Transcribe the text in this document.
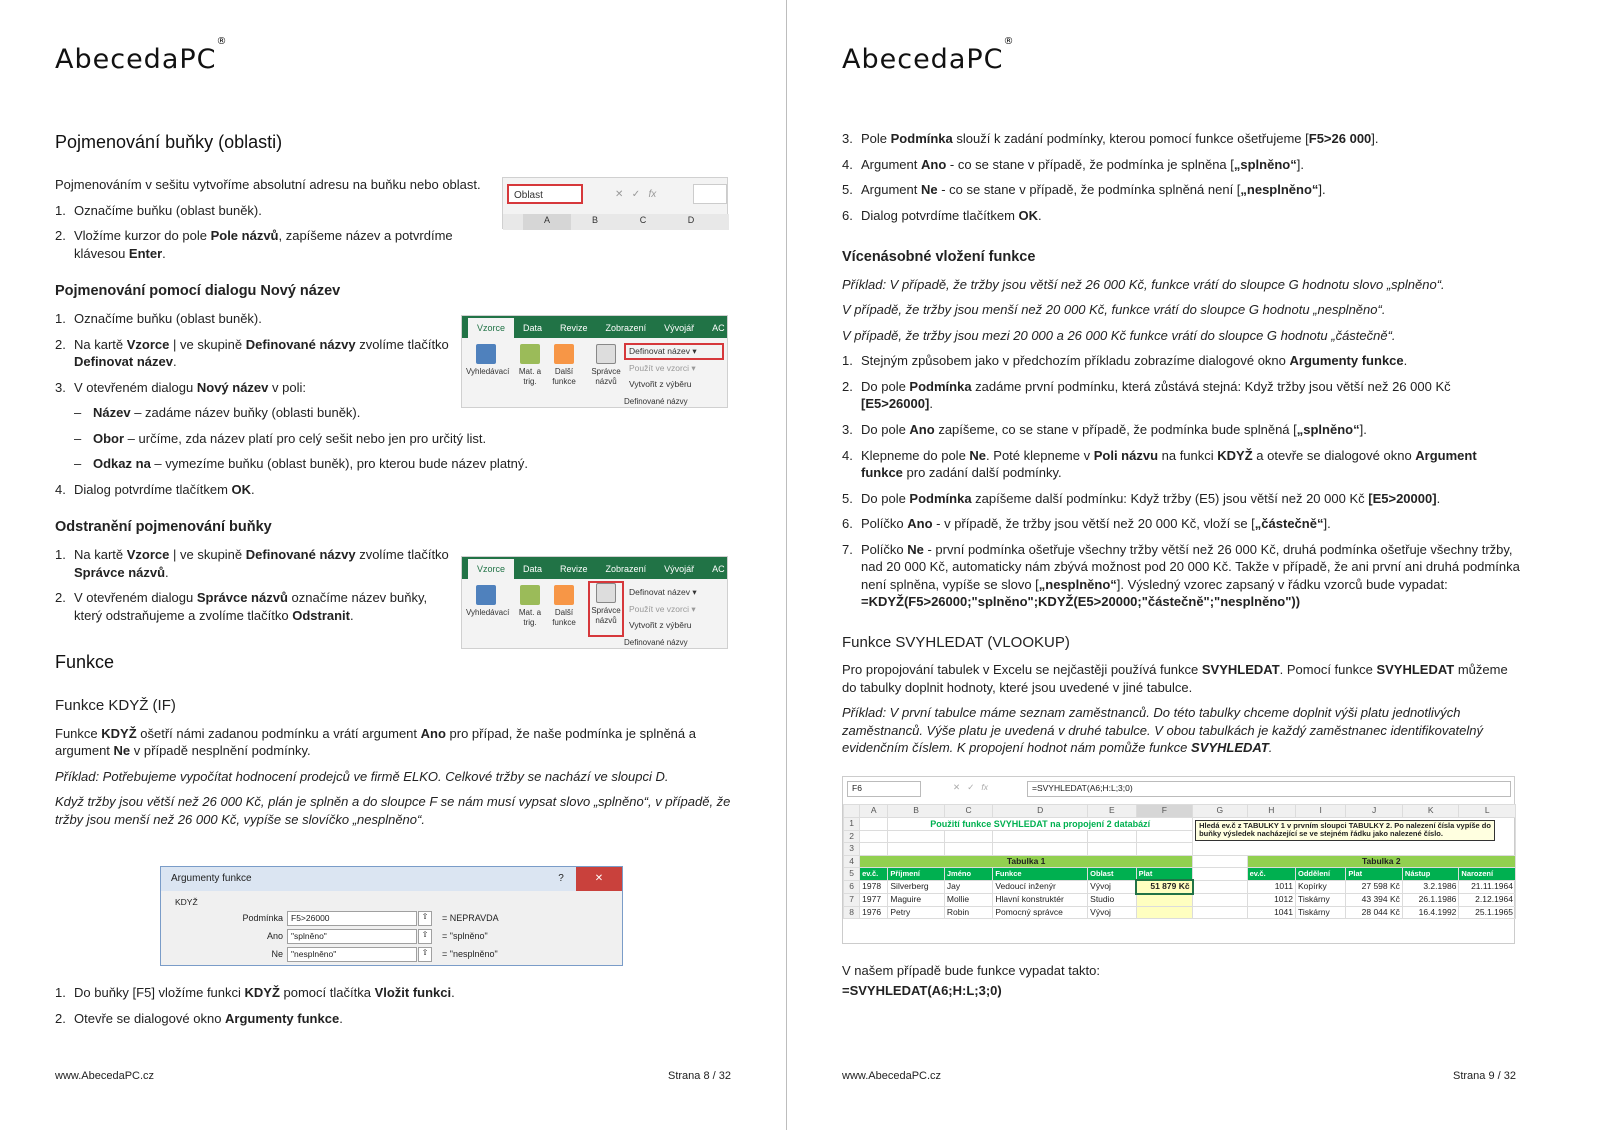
AbecedaPC®
Pojmenování buňky (oblasti)

Pojmenováním v sešitu vytvoříme absolutní adresu na buňku nebo oblast.

1. Označíme buňku (oblast buněk).
2. Vložíme kurzor do pole Pole názvů, zapíšeme název a potvrdíme klávesou Enter.
Pojmenování pomocí dialogu Nový název
1. Označíme buňku (oblast buněk).
2. Na kartě Vzorce | ve skupině Definované názvy zvolíme tlačítko Definovat název.
3. V otevřeném dialogu Nový název v poli:
– Název – zadáme název buňky (oblasti buněk).
– Obor – určíme, zda název platí pro celý sešit nebo jen pro určitý list.
– Odkaz na – vymezíme buňku (oblast buněk), pro kterou bude název platný.
4. Dialog potvrdíme tlačítkem OK.
Odstranění pojmenování buňky
1. Na kartě Vzorce | ve skupině Definované názvy zvolíme tlačítko Správce názvů.
2. V otevřeném dialogu Správce názvů označíme název buňky, který odstraňujeme a zvolíme tlačítko Odstranit.
Funkce
Funkce KDYŽ (IF)

Funkce KDYŽ ošetří námi zadanou podmínku a vrátí argument Ano pro případ, že naše podmínka je splněná a argument Ne v případě nesplnění podmínky.

Příklad: Potřebujeme vypočítat hodnocení prodejců ve firmě ELKO. Celkové tržby se nachází ve sloupci D.

Když tržby jsou větší než 26 000 Kč, plán je splněn a do sloupce F se nám musí vypsat slovo „splněno“, v případě, že tržby jsou menší než 26 000 Kč, vypíše se slovíčko „nesplněno“.

Oblast	✕   ✓   fx
A	B	C	D
Vzorce	Data	Revize	Zobrazení	Vývojář	AC
Vyhledávací	Mat. a trig.
Další funkce
Správce názvů
Definovat název ▾
Použít ve vzorci ▾
Vytvořit z výběru
Definované názvy
Vzorce	Data	Revize	Zobrazení	Vývojář	AC
Vyhledávací	Mat. a trig.
Další funkce
Správce názvů
Definovat název ▾
Použít ve vzorci ▾
Vytvořit z výběru
Definované názvy
Argumenty funkce	?	✕
KDYŽ
Podmínka F5>26000	⇧	= NEPRAVDA
Ano "splněno"	⇧	= "splněno"
Ne "nesplněno"	⇧	= "nesplněno"
1. Do buňky [F5] vložíme funkci KDYŽ pomocí tlačítka Vložit funkci.
2. Otevře se dialogové okno Argumenty funkce.
www.AbecedaPC.cz	Strana 8 / 32
AbecedaPC®
3. Pole Podmínka slouží k zadání podmínky, kterou pomocí funkce ošetřujeme [F5>26 000].
4. Argument Ano - co se stane v případě, že podmínka je splněna [„splněno“].
5. Argument Ne - co se stane v případě, že podmínka splněná není [„nesplněno“].
6. Dialog potvrdíme tlačítkem OK.
Vícenásobné vložení funkce

Příklad: V případě, že tržby jsou větší než 26 000 Kč, funkce vrátí do sloupce G hodnotu slovo „splněno“.

V případě, že tržby jsou menší než 20 000 Kč, funkce vrátí do sloupce G hodnotu „nesplněno“.

V případě, že tržby jsou mezi 20 000 a 26 000 Kč funkce vrátí do sloupce G hodnotu „částečně“.

1. Stejným způsobem jako v předchozím příkladu zobrazíme dialogové okno Argumenty funkce.
2. Do pole Podmínka zadáme první podmínku, která zůstává stejná: Když tržby jsou větší než 26 000 Kč [E5>26000].
3. Do pole Ano zapíšeme, co se stane v případě, že podmínka bude splněná [„splněno“].
4. Klepneme do pole Ne. Poté klepneme v Poli názvu na funkci KDYŽ a otevře se dialogové okno Argument funkce pro zadání další podmínky.
5. Do pole Podmínka zapíšeme další podmínku: Když tržby (E5) jsou větší než 20 000 Kč [E5>20000].
6. Políčko Ano - v případě, že tržby jsou větší než 20 000 Kč, vloží se [„částečně“].
7. Políčko Ne - první podmínka ošetřuje všechny tržby větší než 26 000 Kč, druhá podmínka ošetřuje všechny tržby, nad 20 000 Kč, automaticky nám zbývá možnost pod 20 000 Kč. Takže v případě, že ani první ani druhá podmínka není splněna, vypíše se slovo [„nesplněno“]. Výsledný vzorec zapsaný v řádku vzorců bude vypadat:
=KDYŽ(F5>26000;"splněno";KDYŽ(E5>20000;"částečně";"nesplněno"))
Funkce SVYHLEDAT (VLOOKUP)

Pro propojování tabulek v Excelu se nejčastěji používá funkce SVYHLEDAT. Pomocí funkce SVYHLEDAT můžeme do tabulky doplnit hodnoty, které jsou uvedené v jiné tabulce.

Příklad: V první tabulce máme seznam zaměstnanců. Do této tabulky chceme doplnit výši platu jednotlivých zaměstnanců. Výše platu je uvedená v druhé tabulce. V obou tabulkách je každý zaměstnanec identifikovatelný evidenčním číslem. K propojení hodnot nám pomůže funkce SVYHLEDAT.

F6	✕   ✓   fx	=SVYHLEDAT(A6;H:L;3;0)
	A	B	C	D	E	F	G	H	I	J	K	L
1		Použití funkce SVYHLEDAT na propojení 2 databází					Hledá ev.č z TABULKY 1 v prvním sloupci TABULKY 2. Po nalezení čísla vypíše do buňky výsledek nacházející se ve stejném řádku jako nalezené číslo.					

2												
3												
4	Tabulka 1							Tabulka 2				
5	ev.č.	Příjmení	Jméno	Funkce	Oblast	Plat		ev.č.	Oddělení	Plat	Nástup	Narození
6	1978	Silverberg	Jay	Vedoucí inženýr	Vývoj	51 879 Kč		1011	Kopírky	27 598 Kč	3.2.1986	21.11.1964
7	1977	Maguire	Mollie	Hlavní konstruktér	Studio			1012	Tiskárny	43 394 Kč	26.1.1986	2.12.1964
8	1976	Petry	Robin	Pomocný správce	Vývoj			1041	Tiskárny	28 044 Kč	16.4.1992	25.1.1965

V našem případě bude funkce vypadat takto:

=SVYHLEDAT(A6;H:L;3;0)
www.AbecedaPC.cz	Strana 9 / 32
